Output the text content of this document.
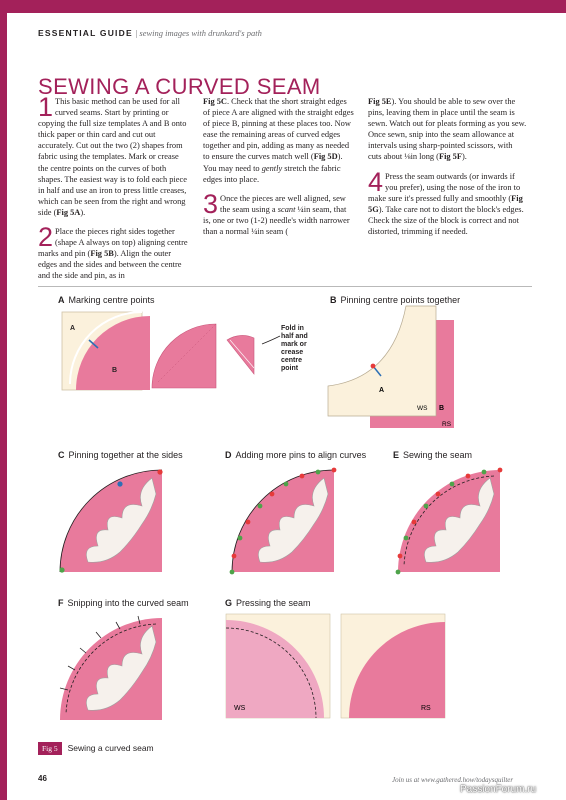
ESSENTIAL GUIDE | sewing images with drunkard's path
SEWING A CURVED SEAM

1 This basic method can be used for all curved seams. Start by printing or copying the full size templates A and B onto thick paper or thin card and cut out accurately. Cut out the two (2) shapes from fabric using the templates. Mark or crease the centre points on the curves of both shapes. The easiest way is to fold each piece in half and use an iron to press little creases, which can be seen from the right and wrong side (Fig 5A).

2 Place the pieces right sides together (shape A always on top) aligning centre marks and pin (Fig 5B). Align the outer edges and the sides and between the centre and the side and pin, as in

Fig 5C. Check that the short straight edges of piece A are aligned with the straight edges of piece B, pinning at these places too. Now ease the remaining areas of curved edges together and pin, adding as many as needed to ensure the curves match well (Fig 5D). You may need to gently stretch the fabric edges into place.

3 Once the pieces are well aligned, sew the seam using a scant ¼in seam, that is, one or two (1-2) needle's width narrower than a normal ¼in seam (

Fig 5E). You should be able to sew over the pins, leaving them in place until the seam is sewn. Watch out for pleats forming as you sew. Once sewn, snip into the seam allowance at intervals using sharp-pointed scissors, with cuts about ⅛in long (Fig 5F).

4 Press the seam outwards (or inwards if you prefer), using the nose of the iron to make sure it's pressed fully and smoothly (Fig 5G). Take care not to distort the block's edges. Check the size of the block is correct and not distorted, trimming if needed.

A Marking centre points	B Pinning centre points together
C Pinning together at the sides	D Adding more pins to align curves	E Sewing the seam
F Snipping into the curved seam	G Pressing the seam
A
B
Fold in half and mark or crease centre point
A
WS B
RS
WS	RS
Fig 5 Sewing a curved seam
46	Join us at www.gathered.how/todaysquilter
PassionForum.ru
